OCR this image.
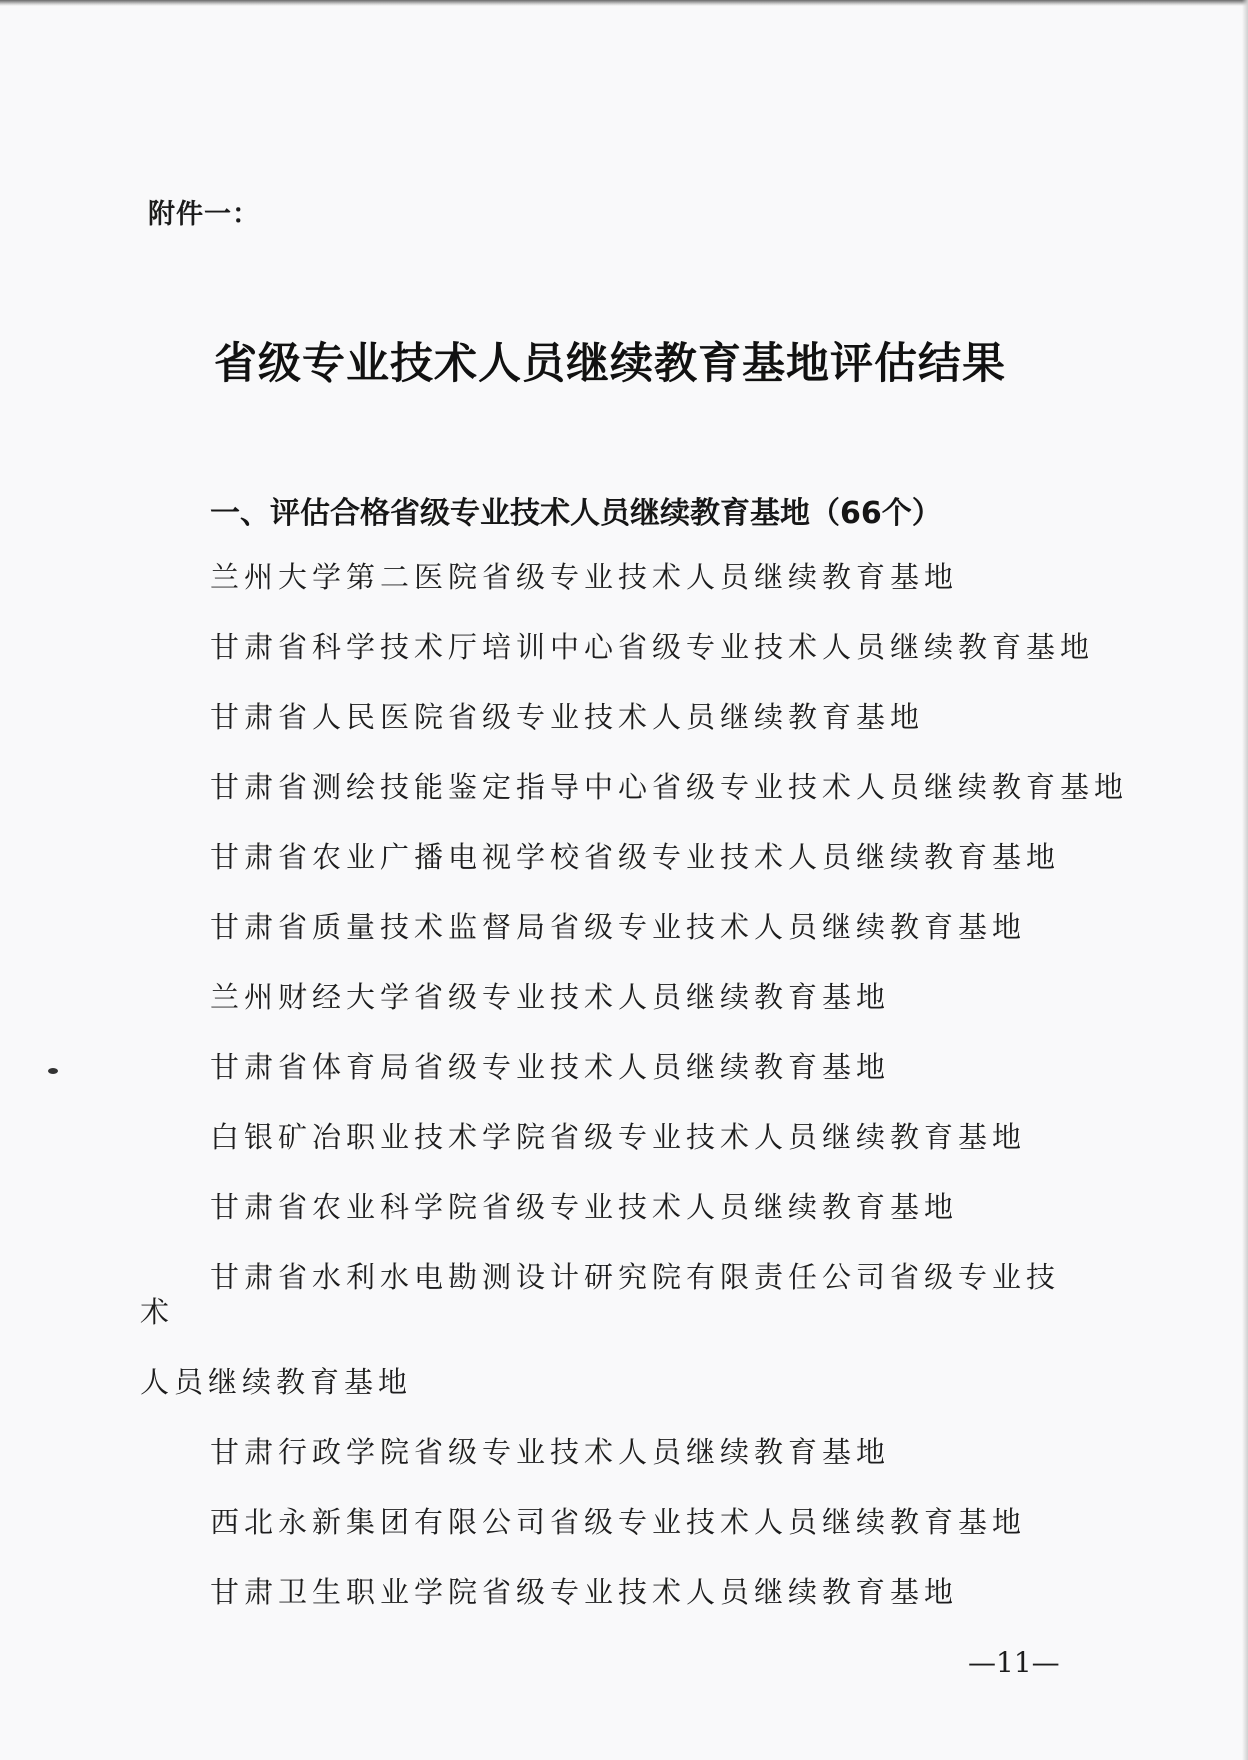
附件一：
省级专业技术人员继续教育基地评估结果
一、评估合格省级专业技术人员继续教育基地（66个）
兰州大学第二医院省级专业技术人员继续教育基地
甘肃省科学技术厅培训中心省级专业技术人员继续教育基地
甘肃省人民医院省级专业技术人员继续教育基地
甘肃省测绘技能鉴定指导中心省级专业技术人员继续教育基地
甘肃省农业广播电视学校省级专业技术人员继续教育基地
甘肃省质量技术监督局省级专业技术人员继续教育基地
兰州财经大学省级专业技术人员继续教育基地
甘肃省体育局省级专业技术人员继续教育基地
白银矿冶职业技术学院省级专业技术人员继续教育基地
甘肃省农业科学院省级专业技术人员继续教育基地
甘肃省水利水电勘测设计研究院有限责任公司省级专业技术
人员继续教育基地
甘肃行政学院省级专业技术人员继续教育基地
西北永新集团有限公司省级专业技术人员继续教育基地
甘肃卫生职业学院省级专业技术人员继续教育基地
—11—
